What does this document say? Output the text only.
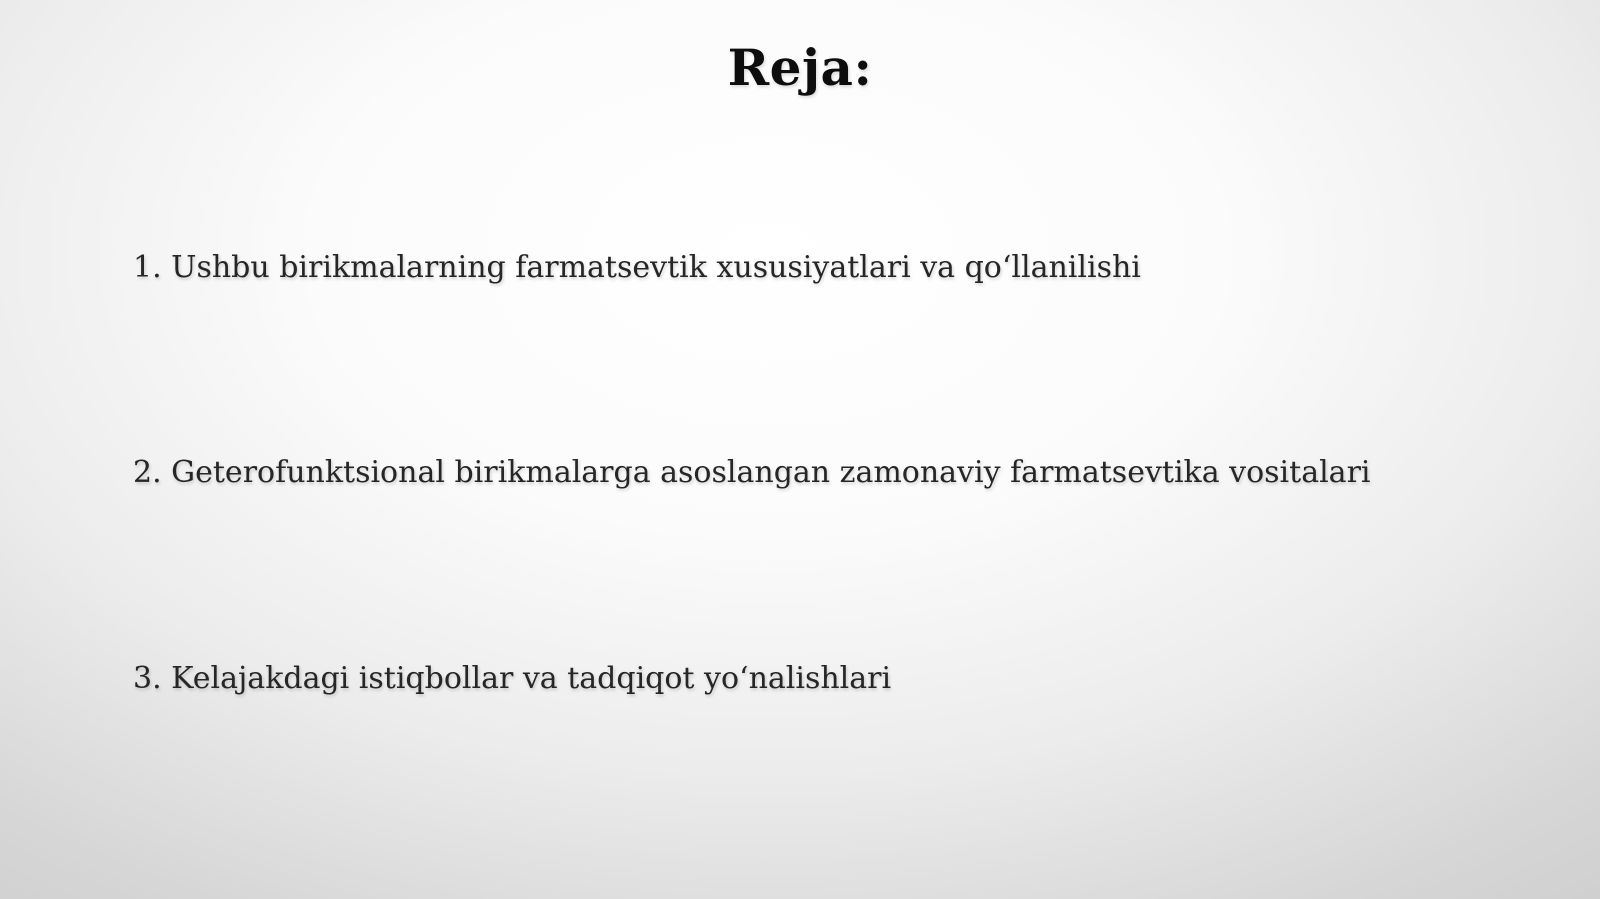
Reja:
1. Ushbu birikmalarning farmatsevtik xususiyatlari va qo‘llanilishi
2. Geterofunktsional birikmalarga asoslangan zamonaviy farmatsevtika vositalari
3. Kelajakdagi istiqbollar va tadqiqot yo‘nalishlari
